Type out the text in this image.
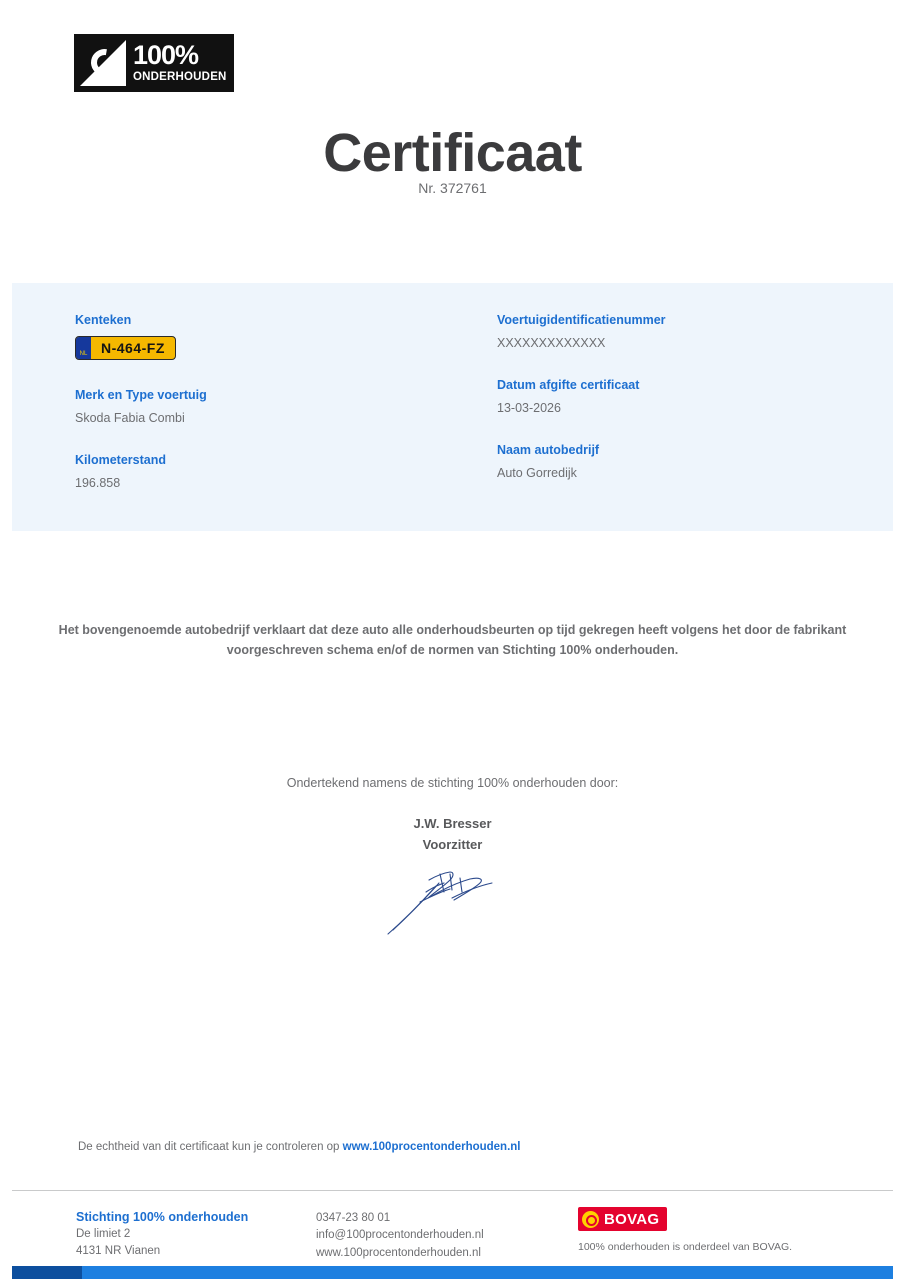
100%
ONDERHOUDEN
Certificaat
Nr. 372761
Kenteken
NL N-464-FZ
Merk en Type voertuig
Skoda Fabia Combi
Kilometerstand
196.858
Voertuigidentificatienummer
XXXXXXXXXXXXX
Datum afgifte certificaat
13-03-2026
Naam autobedrijf
Auto Gorredijk
Het bovengenoemde autobedrijf verklaart dat deze auto alle onderhoudsbeurten op tijd gekregen heeft volgens het door de fabrikant voorgeschreven schema en/of de normen van Stichting 100% onderhouden.
Ondertekend namens de stichting 100% onderhouden door:
J.W. Bresser
Voorzitter
De echtheid van dit certificaat kun je controleren op www.100procentonderhouden.nl
Stichting 100% onderhouden
De limiet 2
4131 NR Vianen
0347-23 80 01
info@100procentonderhouden.nl
www.100procentonderhouden.nl
BOVAG
100% onderhouden is onderdeel van BOVAG.
